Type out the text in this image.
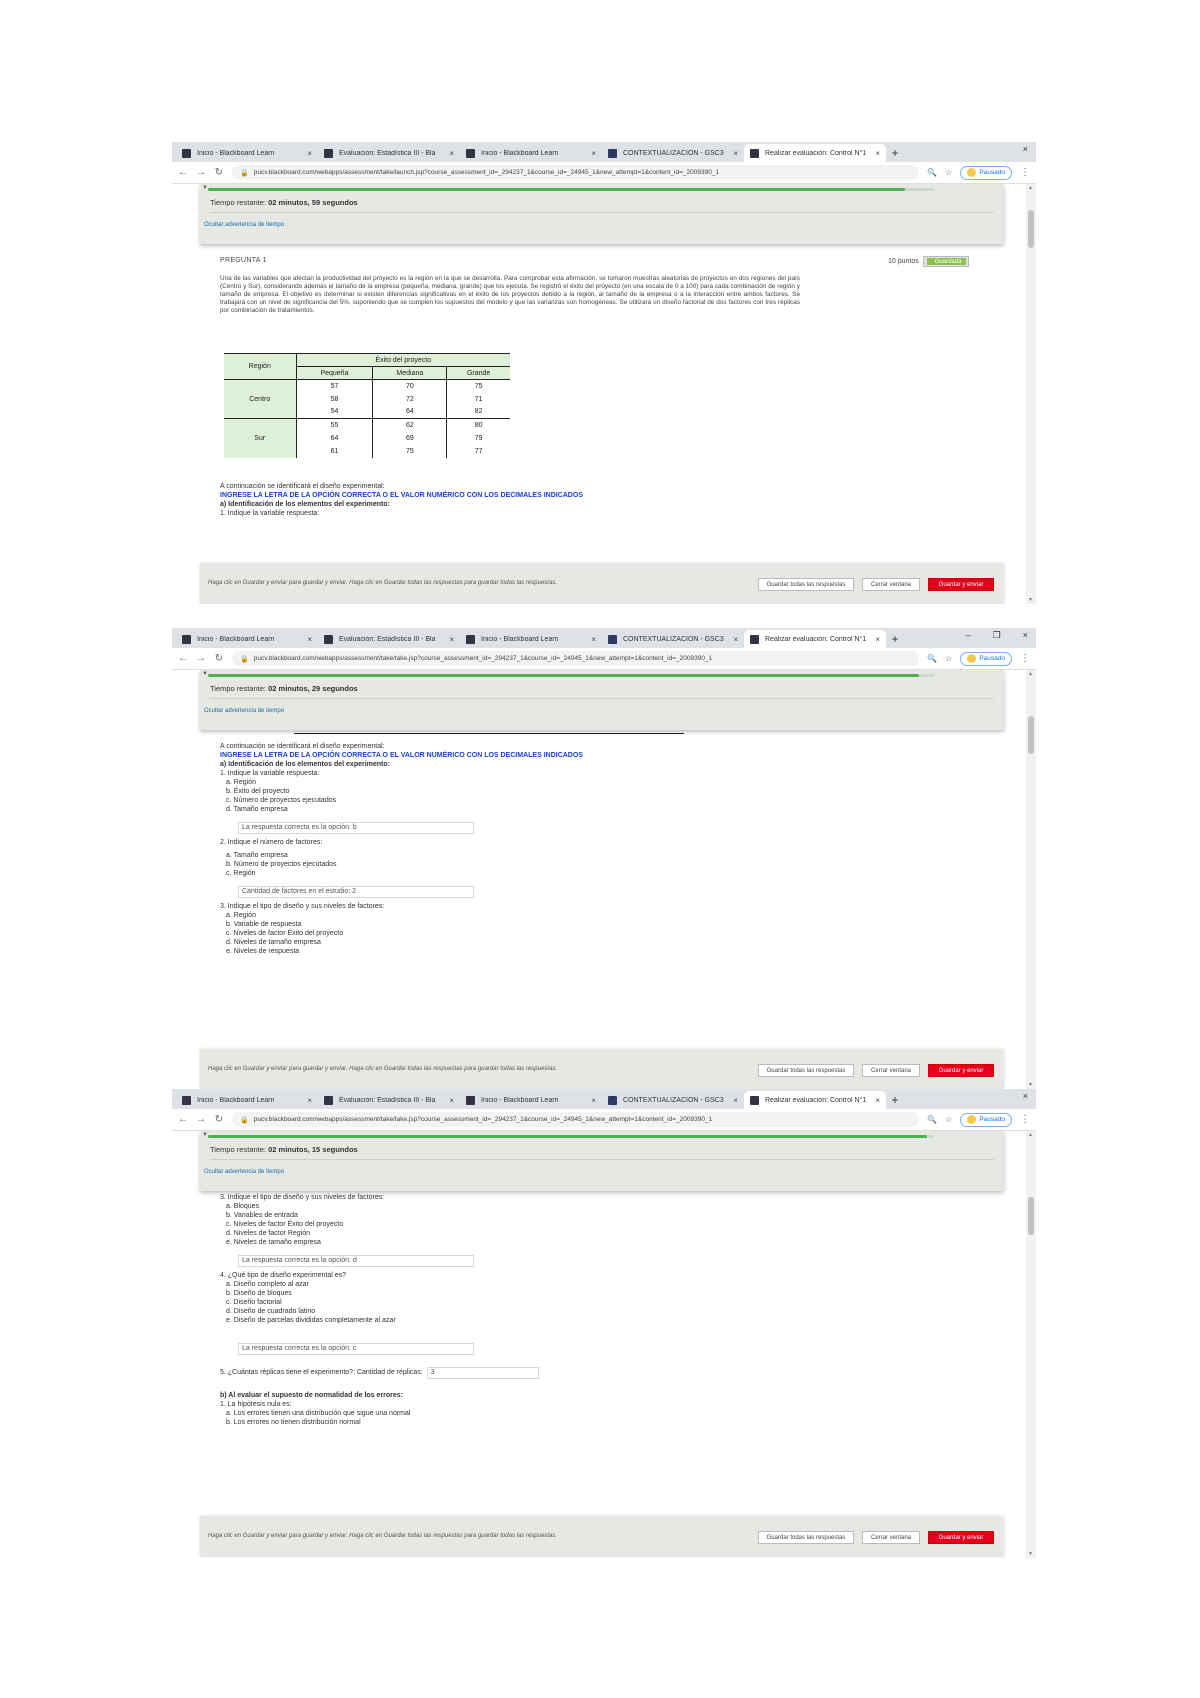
Inicio - Blackboard Learn	×	Evaluación: Estadística III - Bla	×	Inicio - Blackboard Learn	×	CONTEXTUALIZACIÓN - GSC3	×	Realizar evaluación: Control N°1	× +	×
← → ↻ 🔒 pucv.blackboard.com/webapps/assessment/take/launch.jsp?course_assessment_id=_294237_1&course_id=_24945_1&new_attempt=1&content_id=_2009390_1	🔍 ☆	Pausado ⋮
▼
Tiempo restante: 02 minutos, 59 segundos
Ocultar advertencia de tiempo
10 puntos	Guardada
PREGUNTA 1
Una de las variables que afectan la productividad del proyecto es la región en la que se desarrolla. Para comprobar esta afirmación, se tomaron muestras aleatorias de proyectos en dos regiones del país (Centro y Sur), considerando además el tamaño de la empresa (pequeña, mediana, grande) que los ejecuta. Se registró el éxito del proyecto (en una escala de 0 a 100) para cada combinación de región y tamaño de empresa. El objetivo es determinar si existen diferencias significativas en el éxito de los proyectos debido a la región, al tamaño de la empresa o a la interacción entre ambos factores. Se trabajará con un nivel de significancia del 5%, suponiendo que se cumplen los supuestos del modelo y que las varianzas son homogéneas. Se utilizará un diseño factorial de dos factores con tres réplicas por combinación de tratamientos.
Región	Éxito del proyecto		
	Pequeña	Mediana	Grande
Centro	57	70	75
	58	72	71
	54	64	82
Sur	55	62	80
	64	69	79
	61	75	77
A continuación se identificará el diseño experimental:
INGRESE LA LETRA DE LA OPCIÓN CORRECTA O EL VALOR NUMÉRICO CON LOS DECIMALES INDICADOS
a) Identificación de los elementos del experimento:
1. Indique la variable respuesta:
Haga clic en Guardar y enviar para guardar y enviar. Haga clic en Guardar todas las respuestas para guardar todas las respuestas.	Guardar todas las respuestas	Cerrar ventana	Guardar y enviar
▲
▼
Inicio - Blackboard Learn	×	Evaluación: Estadística III - Bla	×	Inicio - Blackboard Learn	×	CONTEXTUALIZACIÓN - GSC3	×	Realizar evaluación: Control N°1	× +	– ❐ ×
← → ↻ 🔒 pucv.blackboard.com/webapps/assessment/take/take.jsp?course_assessment_id=_294237_1&course_id=_24945_1&new_attempt=1&content_id=_2009390_1	🔍 ☆	Pausado ⋮
▼
Tiempo restante: 02 minutos, 29 segundos
Ocultar advertencia de tiempo
A continuación se identificará el diseño experimental:
INGRESE LA LETRA DE LA OPCIÓN CORRECTA O EL VALOR NUMÉRICO CON LOS DECIMALES INDICADOS
a) Identificación de los elementos del experimento:
1. Indique la variable respuesta:
a. Región
b. Éxito del proyecto
c. Número de proyectos ejecutados
d. Tamaño empresa
La respuesta correcta es la opción: b
2. Indique el número de factores:
a. Tamaño empresa
b. Número de proyectos ejecutados
c. Región
Cantidad de factores en el estudio: 2
3. Indique el tipo de diseño y sus niveles de factores:
a. Región
b. Variable de respuesta
c. Niveles de factor Éxito del proyecto
d. Niveles de tamaño empresa
e. Niveles de respuesta
Haga clic en Guardar y enviar para guardar y enviar. Haga clic en Guardar todas las respuestas para guardar todas las respuestas.	Guardar todas las respuestas	Cerrar ventana	Guardar y enviar
▲
▼
Inicio - Blackboard Learn	×	Evaluación: Estadística III - Bla	×	Inicio - Blackboard Learn	×	CONTEXTUALIZACIÓN - GSC3	×	Realizar evaluación: Control N°1	× +	×
← → ↻ 🔒 pucv.blackboard.com/webapps/assessment/take/take.jsp?course_assessment_id=_294237_1&course_id=_24945_1&new_attempt=1&content_id=_2009390_1	🔍 ☆	Pausado ⋮
▼
Tiempo restante: 02 minutos, 15 segundos
Ocultar advertencia de tiempo
3. Indique el tipo de diseño y sus niveles de factores:
a. Bloques
b. Variables de entrada
c. Niveles de factor Éxito del proyecto
d. Niveles de factor Región
e. Niveles de tamaño empresa
La respuesta correcta es la opción: d
4. ¿Qué tipo de diseño experimental es?
a. Diseño completo al azar
b. Diseño de bloques
c. Diseño factorial
d. Diseño de cuadrado latino
e. Diseño de parcelas divididas completamente al azar
La respuesta correcta es la opción: c
5. ¿Cuántas réplicas tiene el experimento?: Cantidad de réplicas: 3
b) Al evaluar el supuesto de normalidad de los errores:
1. La hipótesis nula es:
a. Los errores tienen una distribución que sigue una normal
b. Los errores no tienen distribución normal
Haga clic en Guardar y enviar para guardar y enviar. Haga clic en Guardar todas las respuestas para guardar todas las respuestas.	Guardar todas las respuestas	Cerrar ventana	Guardar y enviar
▲
▼
